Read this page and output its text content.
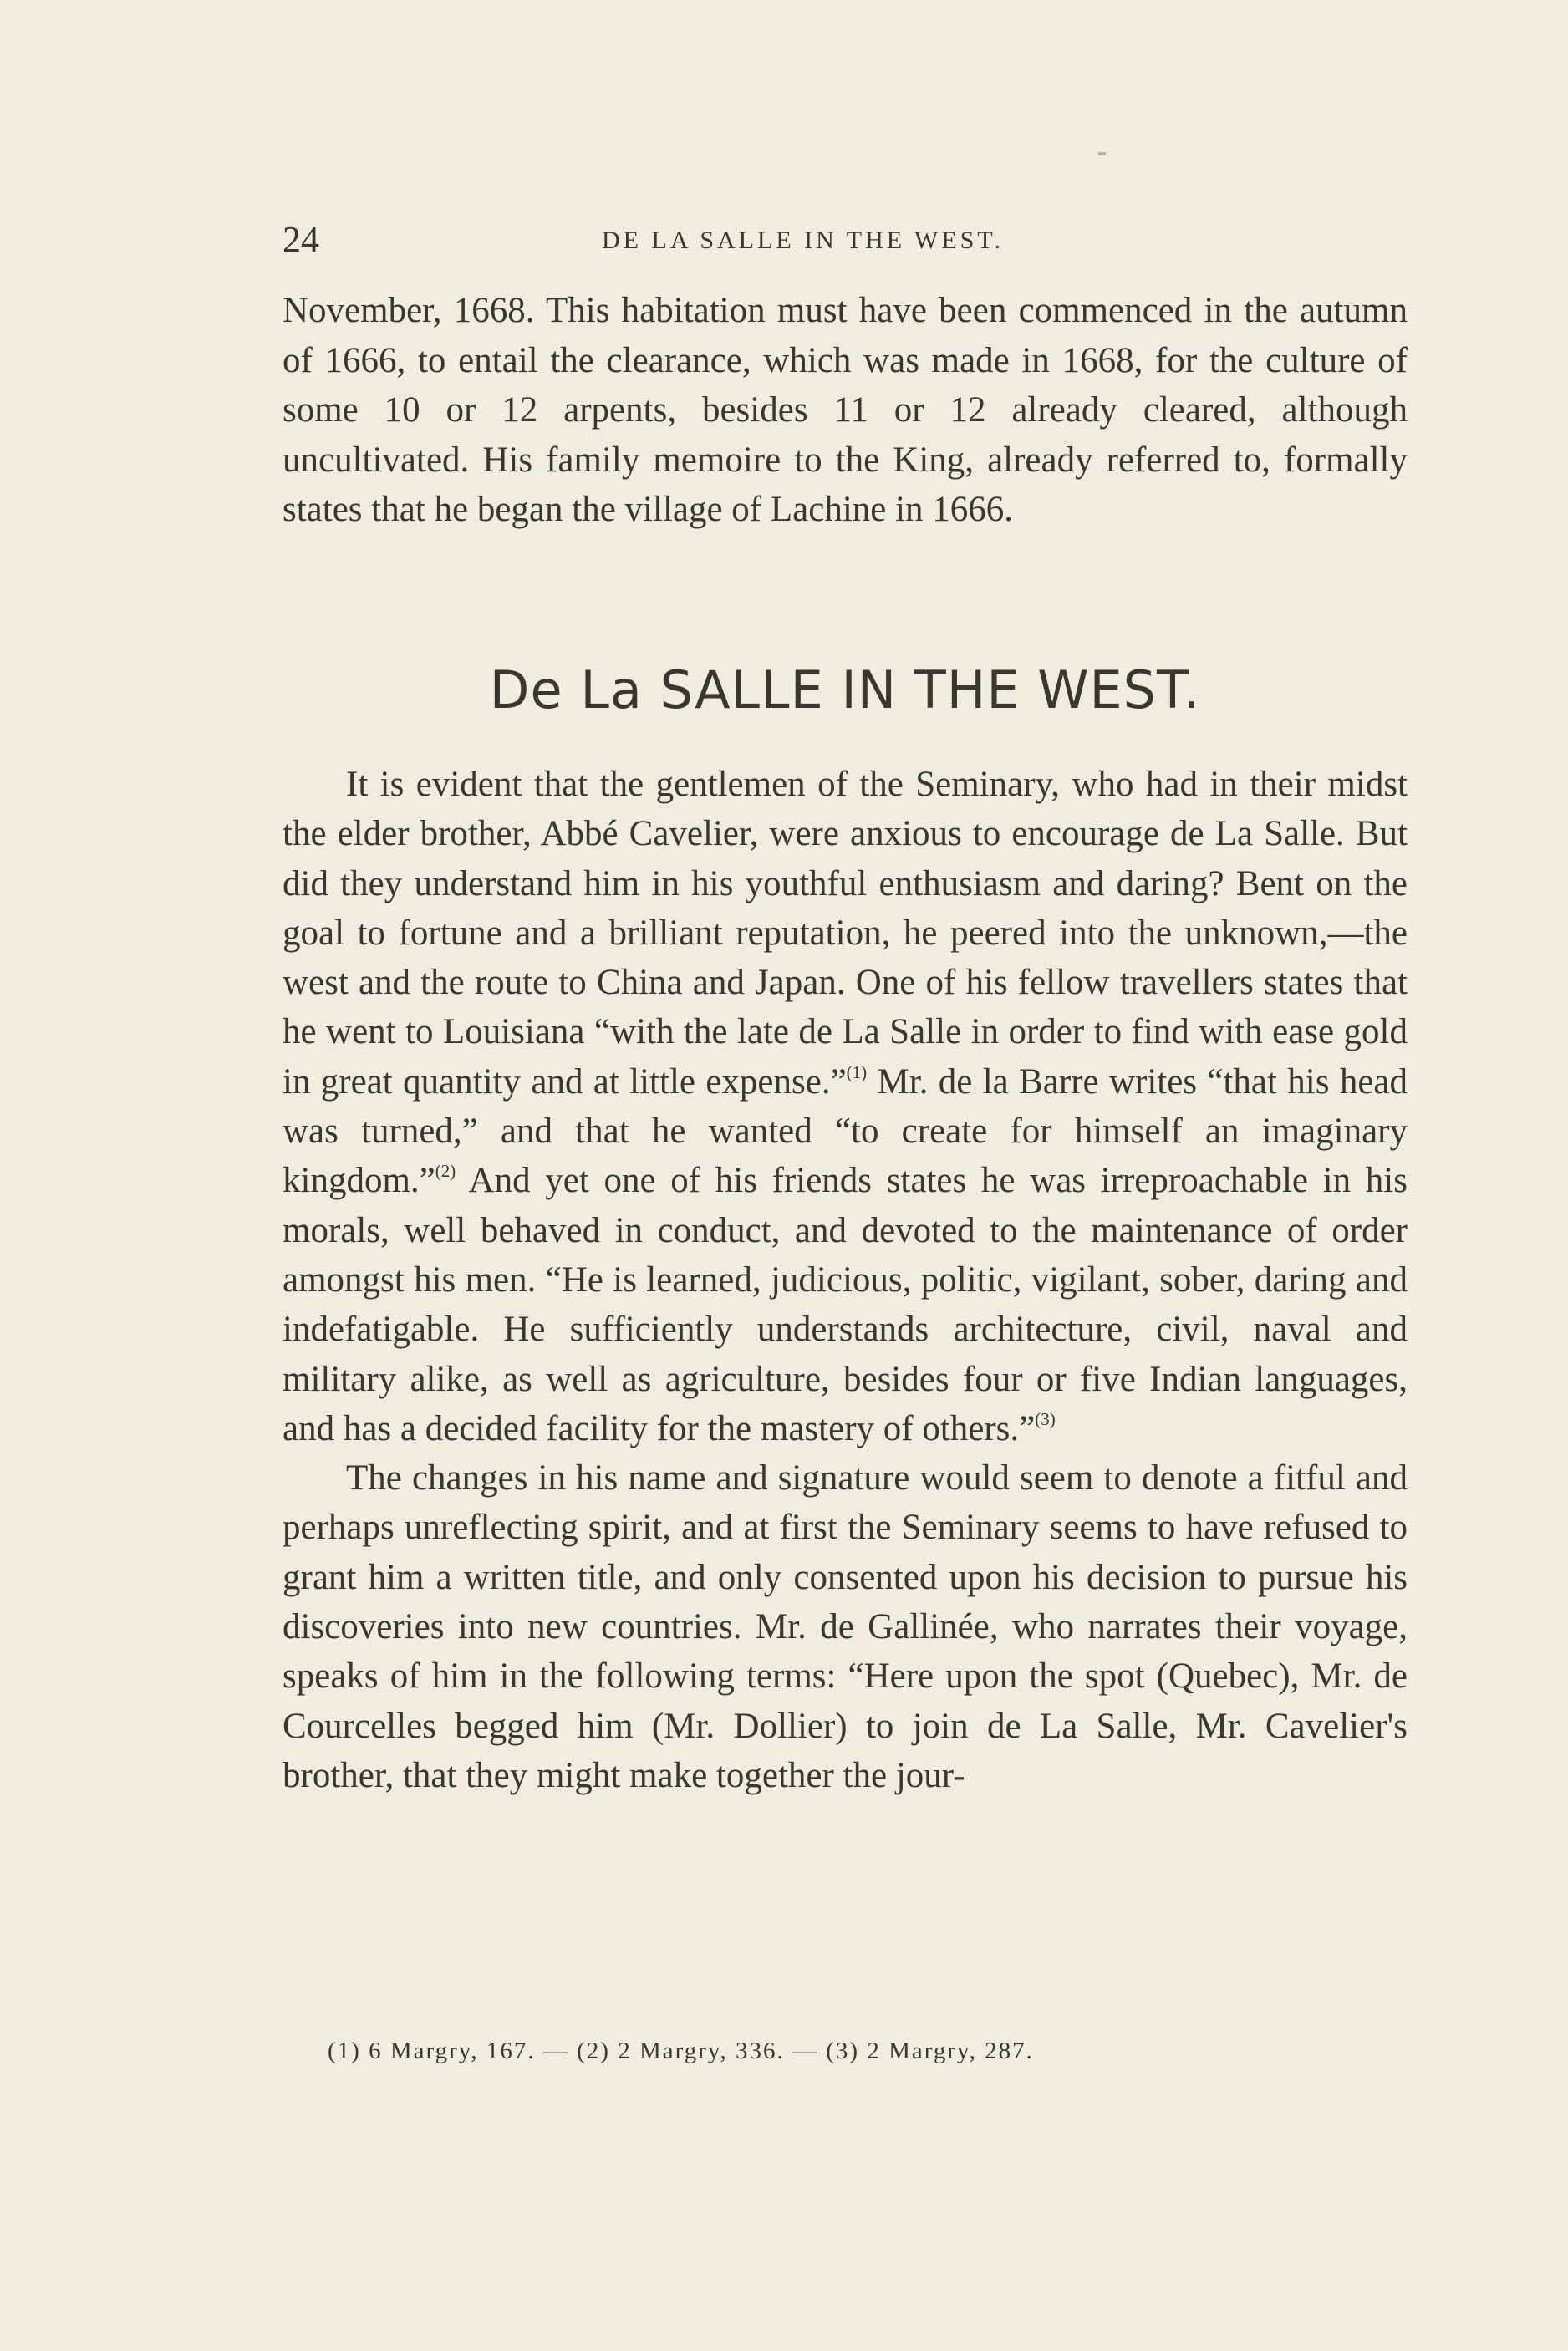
24	DE LA SALLE IN THE WEST.

November, 1668. This habitation must have been commenced in the autumn of 1666, to entail the clearance, which was made in 1668, for the culture of some 10 or 12 arpents, besides 11 or 12 already cleared, although uncultivated. His family memoire to the King, already referred to, formally states that he began the village of Lachine in 1666.

De La SALLE IN THE WEST.

It is evident that the gentlemen of the Seminary, who had in their midst the elder brother, Abbé Cavelier, were anxious to encourage de La Salle. But did they understand him in his youthful enthusiasm and daring? Bent on the goal to fortune and a brilliant reputation, he peered into the unknown,—the west and the route to China and Japan. One of his fellow travellers states that he went to Louisiana “with the late de La Salle in order to find with ease gold in great quantity and at little expense.”$^{(1)}$ Mr. de la Barre writes “that his head was turned,” and that he wanted “to create for himself an imaginary kingdom.”$^{(2)}$ And yet one of his friends states he was irreproachable in his morals, well behaved in conduct, and devoted to the maintenance of order amongst his men. “He is learned, judicious, politic, vigilant, sober, daring and indefatigable. He sufficiently understands architecture, civil, naval and military alike, as well as agriculture, besides four or five Indian languages, and has a decided facility for the mastery of others.”$^{(3)}$

The changes in his name and signature would seem to denote a fitful and perhaps unreflecting spirit, and at first the Seminary seems to have refused to grant him a written title, and only consented upon his decision to pursue his discoveries into new countries. Mr. de Gallinée, who narrates their voyage, speaks of him in the following terms: “Here upon the spot (Quebec), Mr. de Courcelles begged him (Mr. Dollier) to join de La Salle, Mr. Cavelier's brother, that they might make together the jour-

(1) 6 Margry, 167. — (2) 2 Margry, 336. — (3) 2 Margry, 287.
